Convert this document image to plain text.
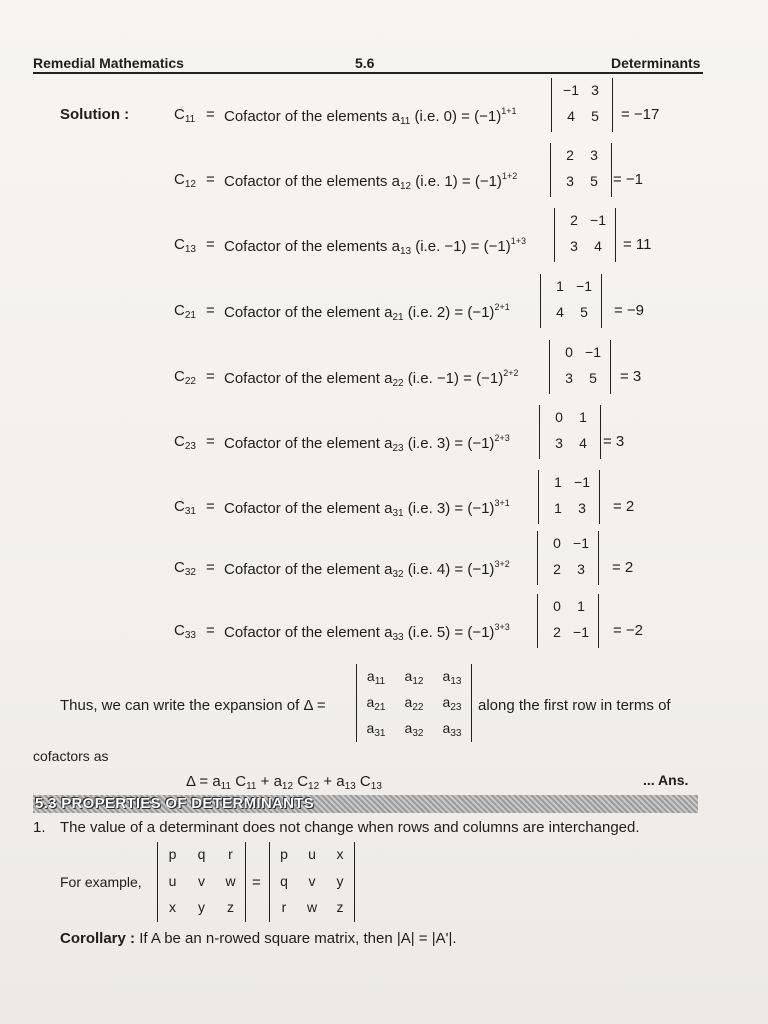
Remedial Mathematics	5.6	Determinants
Solution :	$C_{11}$ = Cofactor of the elements $a_{11}$ (i.e. $0) = (-1)^{1+1}$
−1 3
4	5	= −17
$C_{12}$ = Cofactor of the elements $a_{12}$ (i.e. $1) = (-1)^{1+2}$
2	3
3	5	= −1
$C_{13}$ = Cofactor of the elements $a_{13}$ (i.e. $-1) = (-1)^{1+3}$
2 −1
3	4	= 11
$C_{21}$ = Cofactor of the element $a_{21}$ (i.e. $2) = (-1)^{2+1}$
1 −1
4	5	= −9
$C_{22}$ = Cofactor of the element $a_{22}$ (i.e. $-1) = (-1)^{2+2}$
0 −1
3	5	= 3
$C_{23}$ = Cofactor of the element $a_{23}$ (i.e. $3) = (-1)^{2+3}$
0	1
3	4	= 3
$C_{31}$ = Cofactor of the element $a_{31}$ (i.e. $3) = (-1)^{3+1}$
1 −1
1	3	= 2
$C_{32}$ = Cofactor of the element $a_{32}$ (i.e. $4) = (-1)^{3+2}$
0 −1
2	3	= 2
$C_{33}$ = Cofactor of the element $a_{33}$ (i.e. $5) = (-1)^{3+3}$
0	1
2 −1 = −2
Thus, we can write the expansion of Δ =
$a_{11}$ $a_{12}$ $a_{13}$
$a_{21}$ $a_{22}$ $a_{23}$
$a_{31}$ $a_{32}$ $a_{33}$
along the first row in terms of
cofactors as
$\Delta = a_{11}$ $C_{11} + a_{12}$ $C_{12} + a_{13}$ $C_{13}$	... Ans.
5.3 PROPERTIES OF DETERMINANTS
1. The value of a determinant does not change when rows and columns are interchanged.
For example,
p	q	r
u	v	w
x	y	z
=
p	u	x
q	v	y
r	w	z
Corollary : If A be an n-rowed square matrix, then |A| = |A'|.
